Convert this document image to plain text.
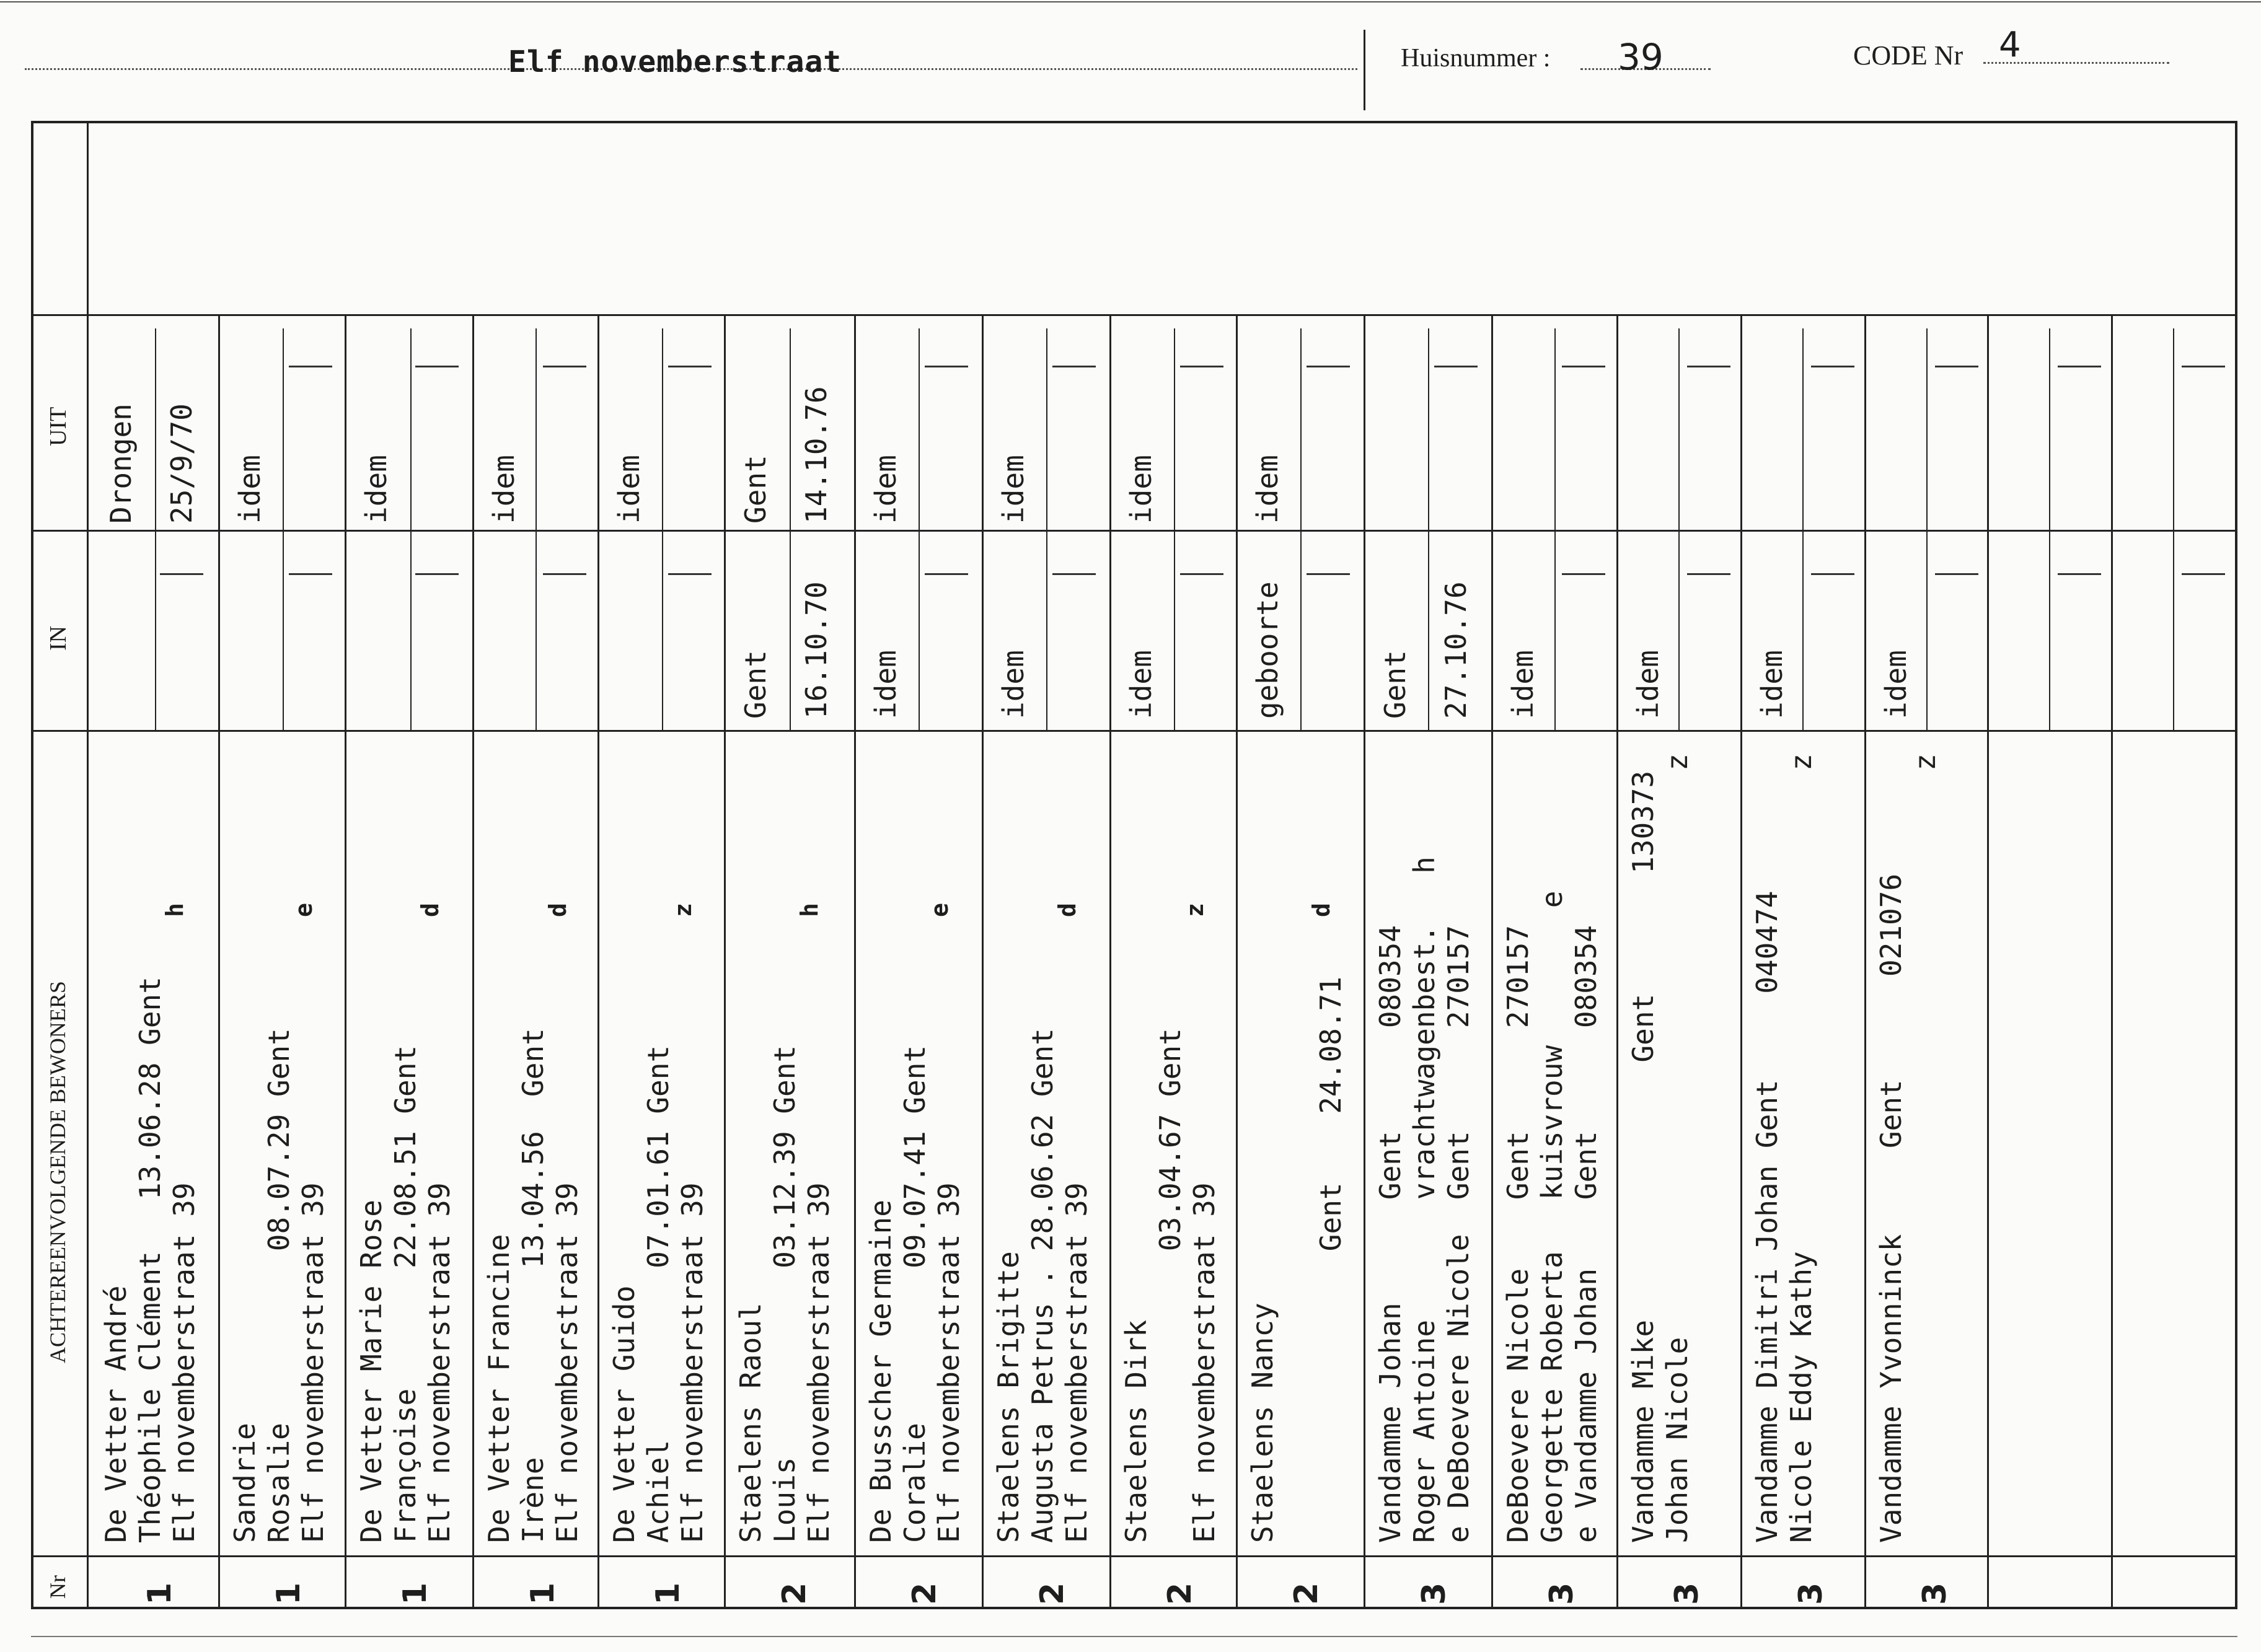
Elf novemberstraat	Huisnummer : 39	CODE Nr 4
UIT
IN
ACHTEREENVOLGENDE BEWONERS
Nr
De Vetter André Théophile Clément   13.06.28 Gent Elf novemberstraat 39
h
1
Drongen 25/9/70
Sandrie Rosalie          08.07.29 Gent Elf novemberstraat 39
e
1
idem
De Vetter Marie Rose Françoise       22.08.51 Gent Elf novemberstraat 39
d
1
idem
De Vetter Francine Irène           13.04.56  Gent Elf novemberstraat 39
d
1
idem
De Vetter Guido Achiel          07.01.61 Gent Elf novemberstraat 39
z
1
idem
Staelens Raoul Louis           03.12.39 Gent Elf novemberstraat 39
h
2
Gent 16.10.70
Gent 14.10.76
De Busscher Germaine Coralie         09.07.41 Gent Elf novemberstraat 39
e
2
idem
idem
Staelens Brigitte Augusta Petrus . 28.06.62 Gent Elf novemberstraat 39
d
2
idem
idem
Staelens Dirk 03.04.67 Gent Elf novemberstraat 39
z
2
idem
idem
Staelens Nancy Gent    24.08.71
d
2
geboorte
idem
Vandamme Johan      Gent      080354 Roger Antoine       vrachtwagenbest.   h e DeBoevere Nicole  Gent      270157
3
Gent 27.10.76
DeBoevere Nicole    Gent      270157 Georgette Roberta   kuisvrouw        e e Vandamme Johan    Gent      080354
3
idem
Vandamme Mike               Gent       130373 Johan Nicole                                 z
3
idem
Vandamme Dimitri Johan Gent     040474 Nicole Eddy Kathy                            z
3
idem
Vandamme Yvonninck     Gent      021076 z
3
idem
